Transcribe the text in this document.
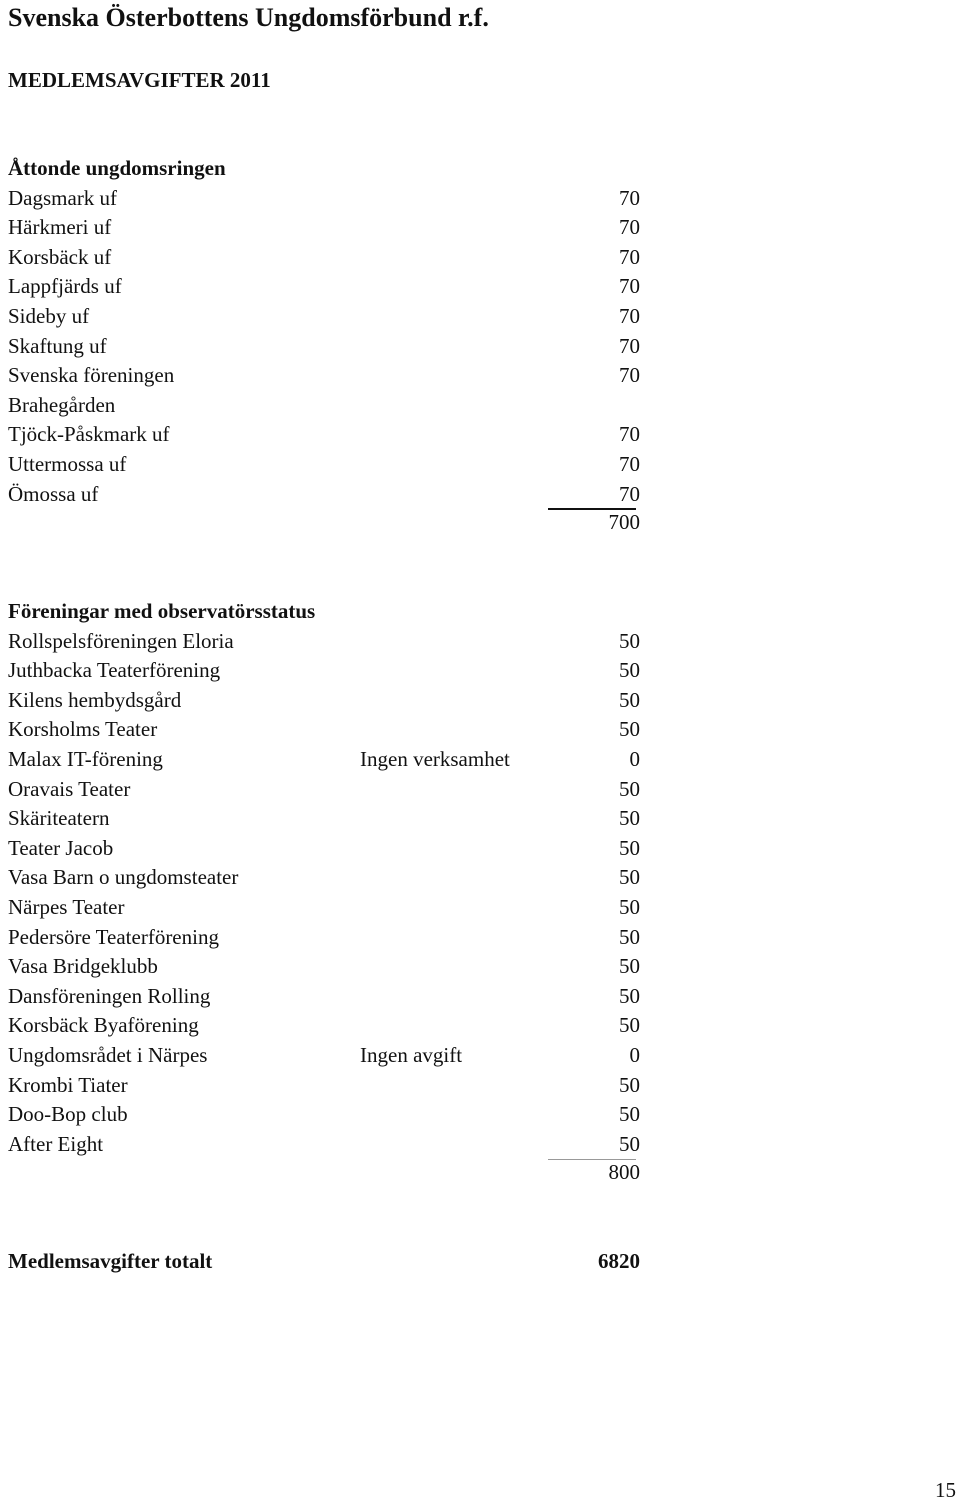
Svenska Österbottens Ungdomsförbund r.f.
MEDLEMSAVGIFTER 2011
Åttonde ungdomsringen
Dagsmark uf	70
Härkmeri uf	70
Korsbäck uf	70
Lappfjärds uf	70
Sideby uf	70
Skaftung uf	70
Svenska föreningen	70
Brahegården
Tjöck-Påskmark uf	70
Uttermossa uf	70
Ömossa uf	70
700
Föreningar med observatörsstatus
Rollspelsföreningen Eloria	50
Juthbacka Teaterförening	50
Kilens hembydsgård	50
Korsholms Teater	50
Malax IT-förening	Ingen verksamhet	0
Oravais Teater	50
Skäriteatern	50
Teater Jacob	50
Vasa Barn o ungdomsteater	50
Närpes Teater	50
Pedersöre Teaterförening	50
Vasa Bridgeklubb	50
Dansföreningen Rolling	50
Korsbäck Byaförening	50
Ungdomsrådet i Närpes	Ingen avgift	0
Krombi Tiater	50
Doo-Bop club	50
After Eight	50
800
Medlemsavgifter totalt	6820
15
